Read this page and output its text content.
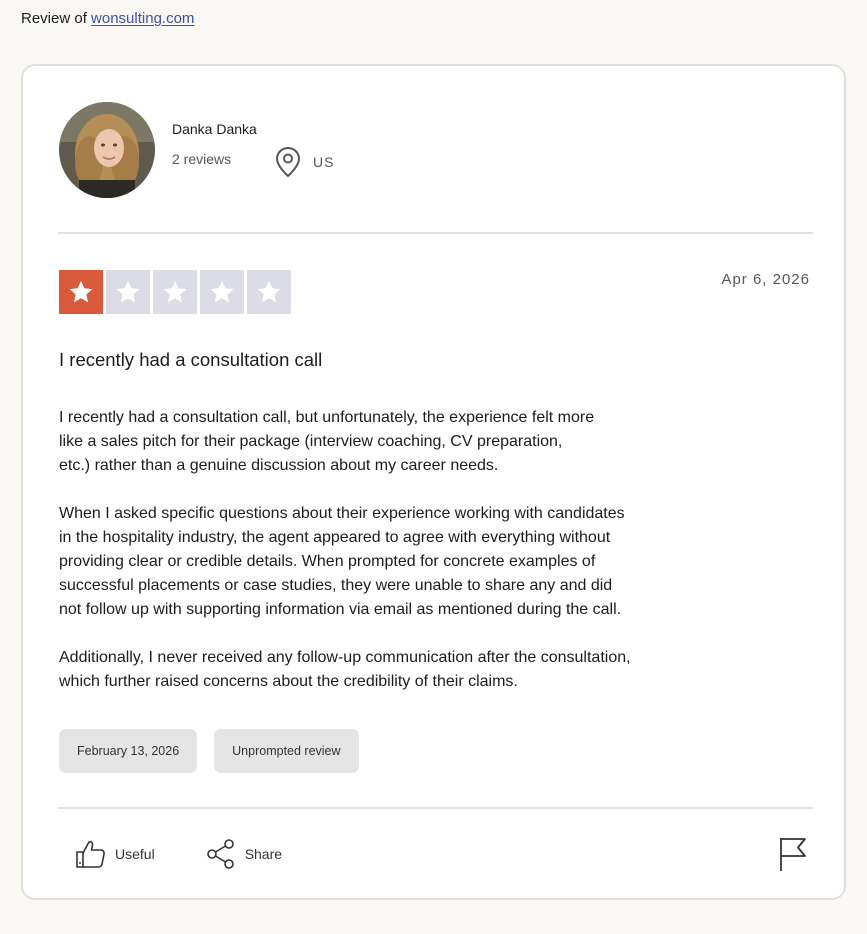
Review of wonsulting.com
Danka Danka
2 reviews	US
Apr 6, 2026
I recently had a consultation call

I recently had a consultation call, but unfortunately, the experience felt more
like a sales pitch for their package (interview coaching, CV preparation,
etc.) rather than a genuine discussion about my career needs.

When I asked specific questions about their experience working with candidates
in the hospitality industry, the agent appeared to agree with everything without
providing clear or credible details. When prompted for concrete examples of
successful placements or case studies, they were unable to share any and did
not follow up with supporting information via email as mentioned during the call.

Additionally, I never received any follow-up communication after the consultation,
which further raised concerns about the credibility of their claims.

February 13, 2026	Unprompted review
Useful	Share
